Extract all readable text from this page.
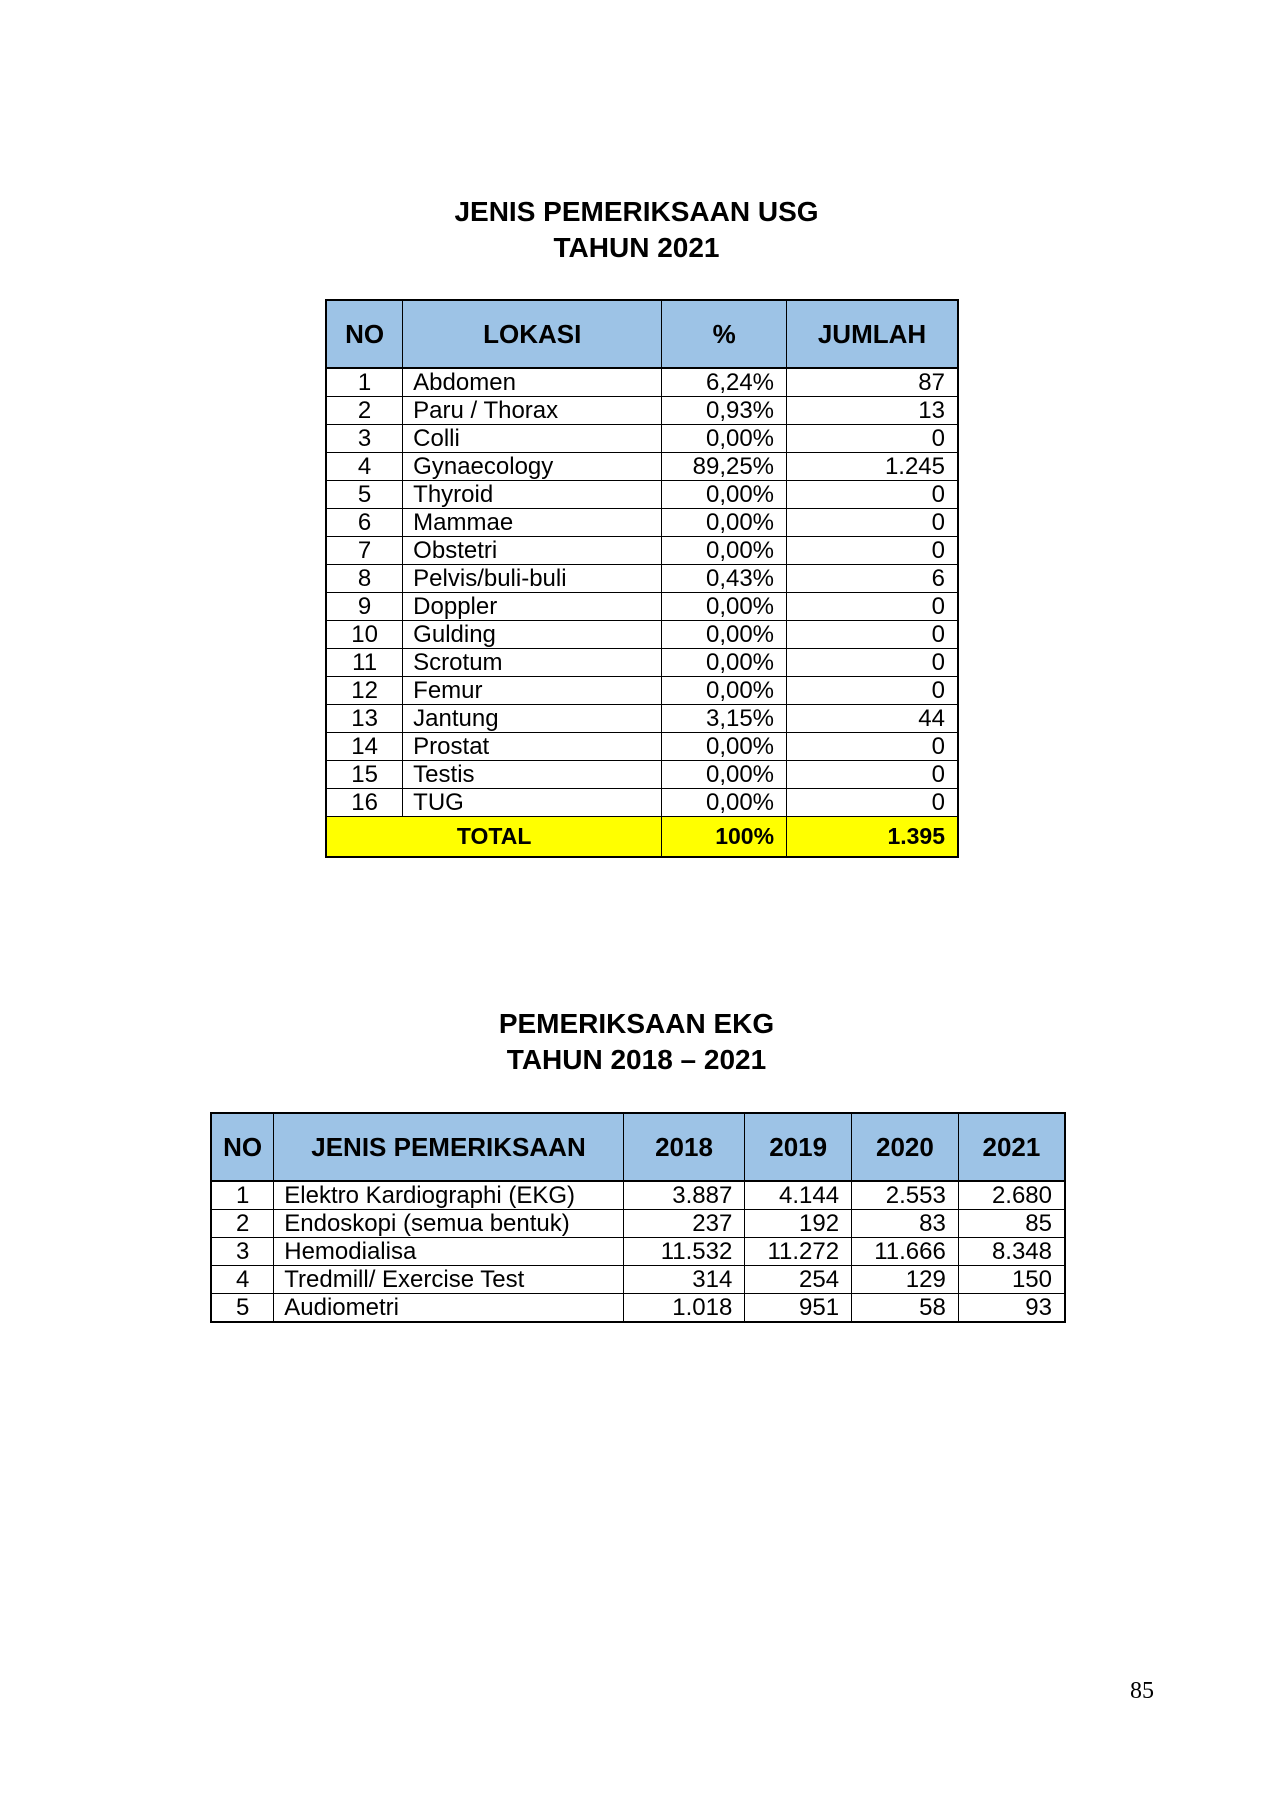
JENIS PEMERIKSAAN USG
TAHUN 2021
NO	LOKASI	%	JUMLAH
1	Abdomen	6,24%	87
2	Paru / Thorax	0,93%	13
3	Colli	0,00%	0
4	Gynaecology	89,25%	1.245
5	Thyroid	0,00%	0
6	Mammae	0,00%	0
7	Obstetri	0,00%	0
8	Pelvis/buli-buli	0,43%	6
9	Doppler	0,00%	0
10	Gulding	0,00%	0
11	Scrotum	0,00%	0
12	Femur	0,00%	0
13	Jantung	3,15%	44
14	Prostat	0,00%	0
15	Testis	0,00%	0
16	TUG	0,00%	0
TOTAL		100%	1.395
PEMERIKSAAN EKG
TAHUN 2018 – 2021
NO	JENIS PEMERIKSAAN	2018	2019	2020	2021
1	Elektro Kardiographi (EKG)	3.887	4.144	2.553	2.680
2	Endoskopi (semua bentuk)	237	192	83	85
3	Hemodialisa	11.532	11.272	11.666	8.348
4	Tredmill/ Exercise Test	314	254	129	150
5	Audiometri	1.018	951	58	93
85
